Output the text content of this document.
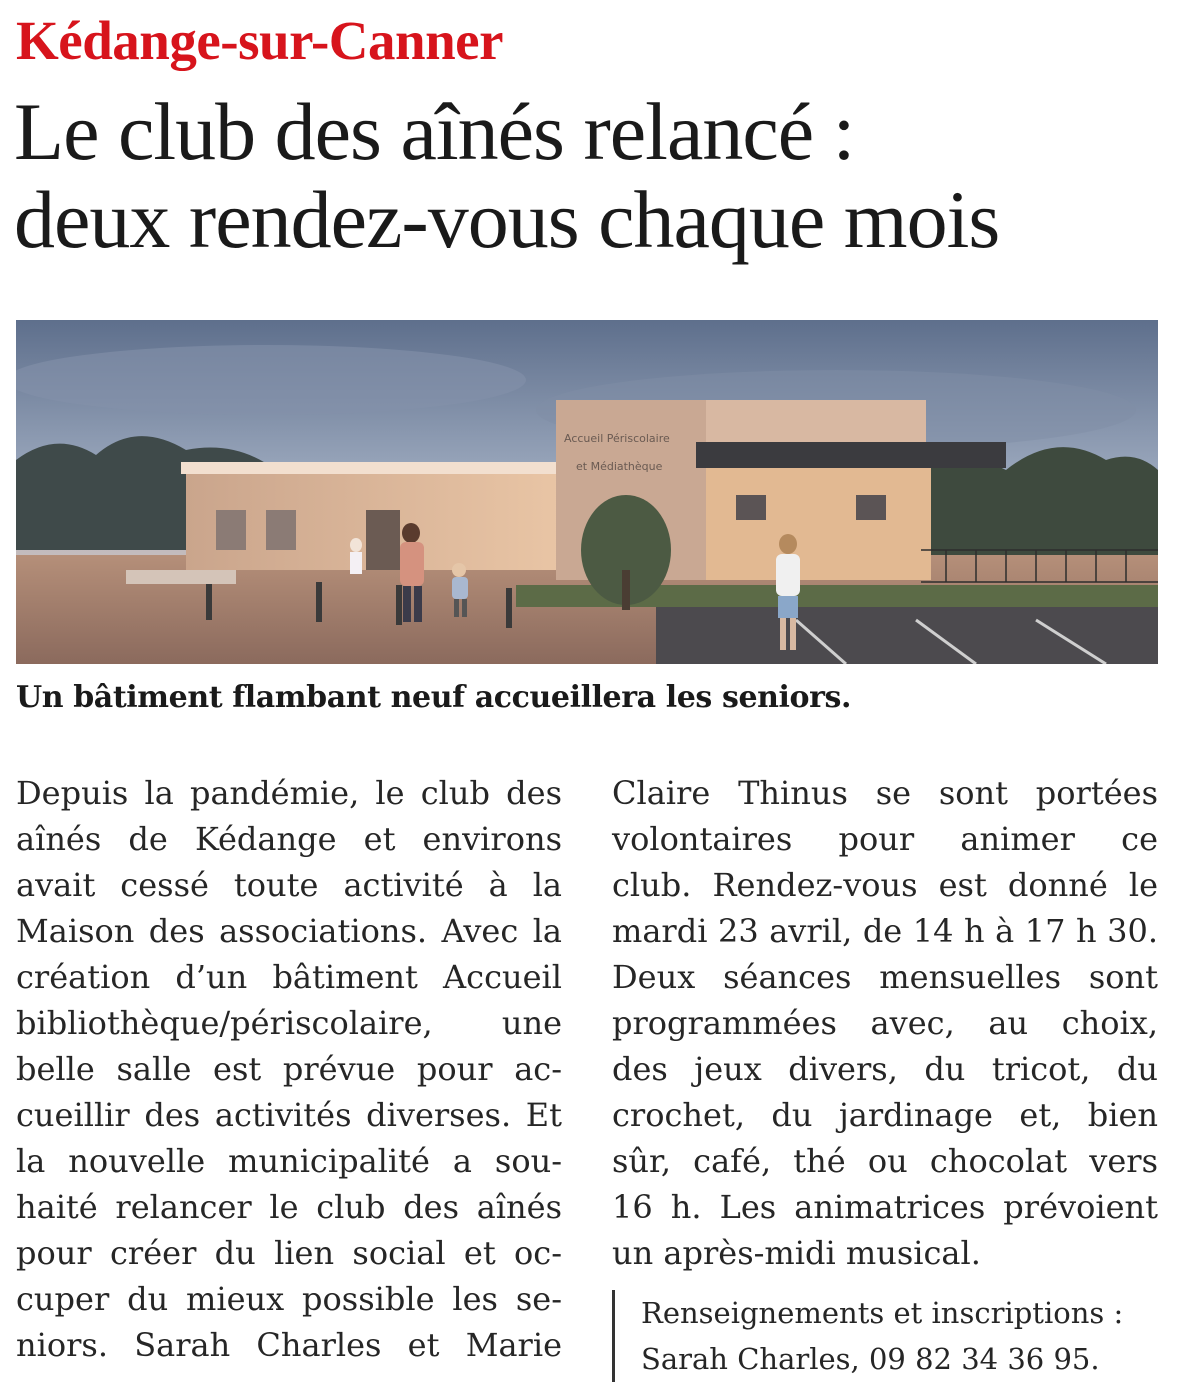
Kédange-sur-Canner
Le club des aînés relancé :
deux rendez-vous chaque mois
Accueil Périscolaire
et Médiathèque
Un bâtiment flambant neuf accueillera les seniors.
Depuis la pandémie, le club des
aînés de Kédange et environs
avait cessé toute activité à la
Maison des associations. Avec la
création d’un bâtiment Accueil
bibliothèque/périscolaire, une
belle salle est prévue pour ac-
cueillir des activités diverses. Et
la nouvelle municipalité a sou-
haité relancer le club des aînés
pour créer du lien social et oc-
cuper du mieux possible les se-
niors. Sarah Charles et Marie
Claire Thinus se sont portées
volontaires pour animer ce
club. Rendez-vous est donné le
mardi 23 avril, de 14 h à 17 h 30.
Deux séances mensuelles sont
programmées avec, au choix,
des jeux divers, du tricot, du
crochet, du jardinage et, bien
sûr, café, thé ou chocolat vers
16 h. Les animatrices prévoient
un après-midi musical.
Renseignements et inscriptions :
Sarah Charles, 09 82 34 36 95.
